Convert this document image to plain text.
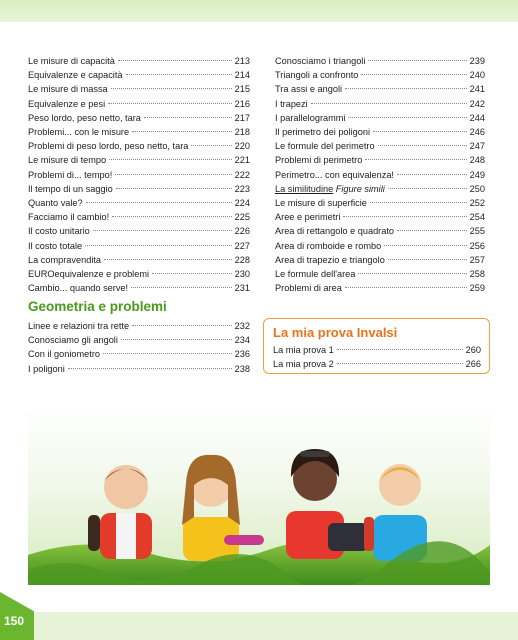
Le misure di capacità	213
Equivalenze e capacità	214
Le misure di massa	215
Equivalenze e pesi	216
Peso lordo, peso netto, tara	217
Problemi... con le misure	218
Problemi di peso lordo, peso netto, tara	220
Le misure di tempo	221
Problemi di... tempo!	222
Il tempo di un saggio	223
Quanto vale?	224
Facciamo il cambio!	225
Il costo unitario	226
Il costo totale	227
La compravendita	228
EUROequivalenze e problemi	230
Cambio... quando serve!	231
Geometria e problemi
Linee e relazioni tra rette	232
Conosciamo gli angoli	234
Con il goniometro	236
I poligoni	238
Conosciamo i triangoli	239
Triangoli a confronto	240
Tra assi e angoli	241
I trapezi	242
I parallelogrammi	244
Il perimetro dei poligoni	246
Le formule del perimetro	247
Problemi di perimetro	248
Perimetro... con equivalenza!	249
La similitudine Figure simili	250
Le misure di superficie	252
Aree e perimetri	254
Area di rettangolo e quadrato	255
Area di romboide e rombo	256
Area di trapezio e triangolo	257
Le formule dell'area	258
Problemi di area	259
La mia prova Invalsi
La mia prova 1	260
La mia prova 2	266
150
